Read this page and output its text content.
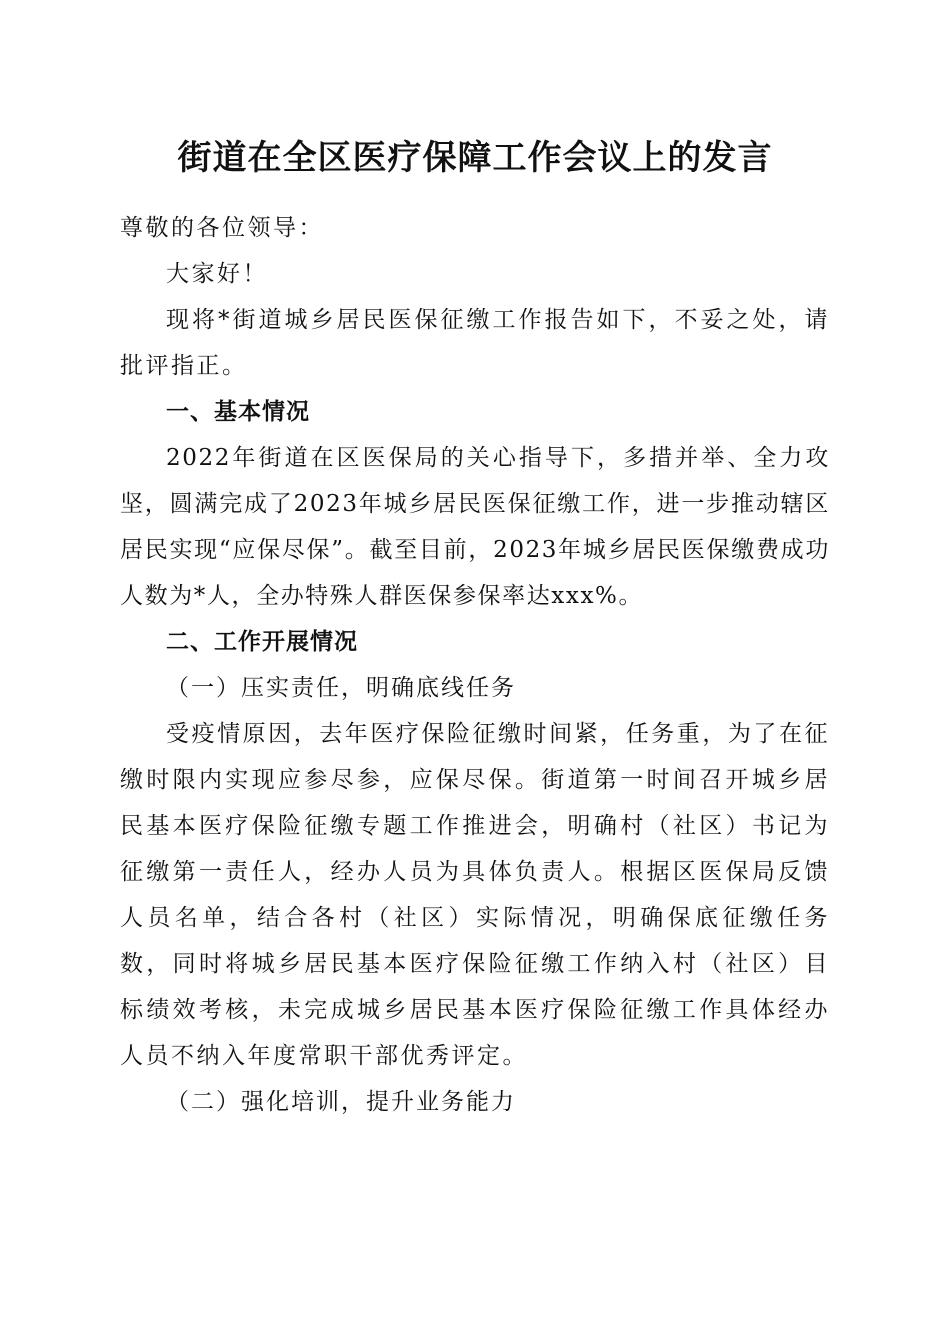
街道在全区医疗保障工作会议上的发言

尊敬的各位领导：

大家好！

现将*街道城乡居民医保征缴工作报告如下，不妥之处，请批评指正。

一、基本情况

2022年街道在区医保局的关心指导下，多措并举、全力攻坚，圆满完成了2023年城乡居民医保征缴工作，进一步推动辖区居民实现“应保尽保”。截至目前，2023年城乡居民医保缴费成功人数为*人，全办特殊人群医保参保率达xxx%。

二、工作开展情况

（一）压实责任，明确底线任务

受疫情原因，去年医疗保险征缴时间紧，任务重，为了在征缴时限内实现应参尽参，应保尽保。街道第一时间召开城乡居民基本医疗保险征缴专题工作推进会，明确村（社区）书记为征缴第一责任人，经办人员为具体负责人。根据区医保局反馈人员名单，结合各村（社区）实际情况，明确保底征缴任务数，同时将城乡居民基本医疗保险征缴工作纳入村（社区）目标绩效考核，未完成城乡居民基本医疗保险征缴工作具体经办人员不纳入年度常职干部优秀评定。

（二）强化培训，提升业务能力
